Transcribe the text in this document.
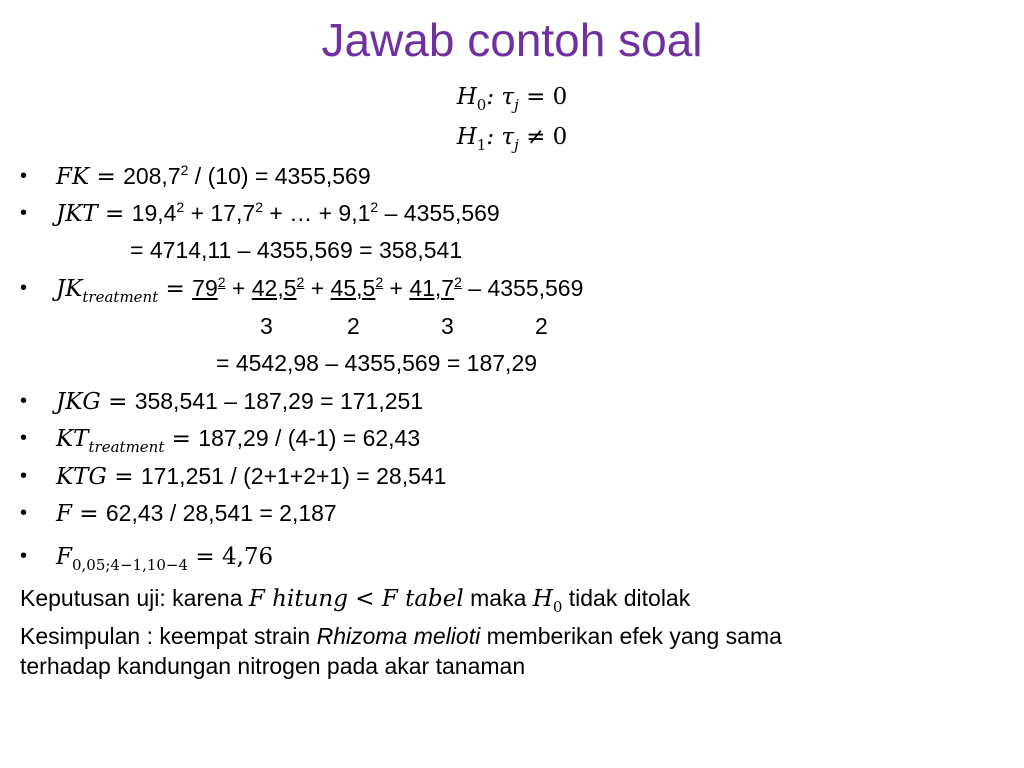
Jawab contoh soal
$H_0$: $\tau_j = 0$
$H_1$: $\tau_j \ne 0$
• FK = $208,7^2 / (10) = 4355,569$
• JKT = $19,4^2 + 17,7^2$ + … + $9,1^2 - 4355,569$
= 4714,11 – 4355,569 = 358,541
• $JK_{treatment} = 79^2 + 42,5^2 + 45,5^2 + 41,7^2 - 4355,569$
3	2	3	2
= 4542,98 – 4355,569 = 187,29
• JKG = 358,541 – 187,29 = 171,251
• $KT_{treatment} = 187,29 / (4-1) = 62,43$
• KTG = 171,251 / (2+1+2+1) = 28,541
• F = 62,43 / 28,541 = 2,187
• $F_{0,05;4-1,10-4} = 4,76$
Keputusan uji: karena F hitung < F tabel maka $H_0$ tidak ditolak
Kesimpulan : keempat strain Rhizoma melioti memberikan efek yang sama
terhadap kandungan nitrogen pada akar tanaman
